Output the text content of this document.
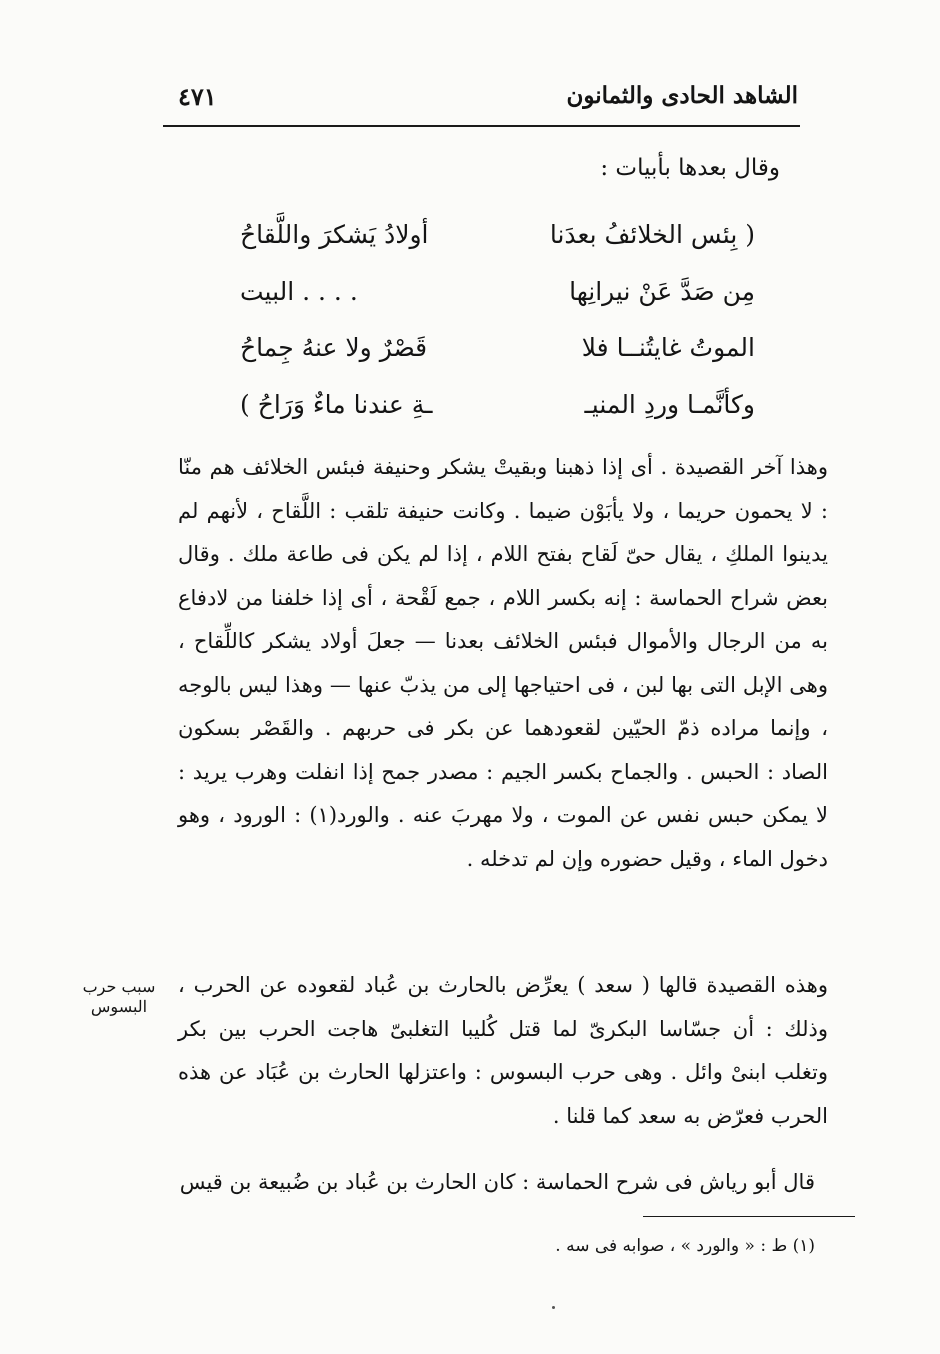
الشاهد الحادى والثمانون
٤٧١
وقال بعدها بأبيات :
( بِئس الخلائفُ بعدَنا
أولادُ يَشكرَ واللَّقاحُ
مِن صَدَّ عَنْ نيرانِها
. . . . البيت
الموتُ غايتُنــا فلا
قَصْرٌ ولا عنهُ جِماحُ
وكأنَّمـا وردِ المنيـ
ـةِ عندنا ماءٌ وَرَاحُ )
وهذا آخر القصيدة . أى إذا ذهبنا وبقيتْ يشكر وحنيفة فبئس الخلائف هم منّا : لا يحمون حريما ، ولا يأبَوْن ضيما . وكانت حنيفة تلقب : اللَّقاح ، لأنهم لم يدينوا الملكِ ، يقال حىّ لَقاح بفتح اللام ، إذا لم يكن فى طاعة ملك . وقال بعض شراح الحماسة : إنه بكسر اللام ، جمع لَقْحة ، أى إذا خلفنا من لادفاع به من الرجال والأموال فبئس الخلائف بعدنا — جعلَ أولاد يشكر كاللِّقاح ، وهى الإبل التى بها لبن ، فى احتياجها إلى من يذبّ عنها — وهذا ليس بالوجه ، وإنما مراده ذمّ الحيّين لقعودهما عن بكر فى حربهم . والقَصْر بسكون الصاد : الحبس . والجماح بكسر الجيم : مصدر جمح إذا انفلت وهرب يريد : لا يمكن حبس نفس عن الموت ، ولا مهربَ عنه . والورد(١) : الورود ، وهو دخول الماء ، وقيل حضوره وإن لم تدخله .
وهذه القصيدة قالها ( سعد ) يعرِّض بالحارث بن عُباد لقعوده عن الحرب ، وذلك : أن جسّاسا البكرىّ لما قتل كُليبا التغلبىّ هاجت الحرب بين بكر وتغلب ابنىْ وائل . وهى حرب البسوس : واعتزلها الحارث بن عُبَاد عن هذه الحرب فعرّض به سعد كما قلنا .
قال أبو رياش فى شرح الحماسة : كان الحارث بن عُباد بن ضُبيعة بن قيس
سبب حرب البسوس
(١) ط : « والورد » ، صوابه فى سه .
